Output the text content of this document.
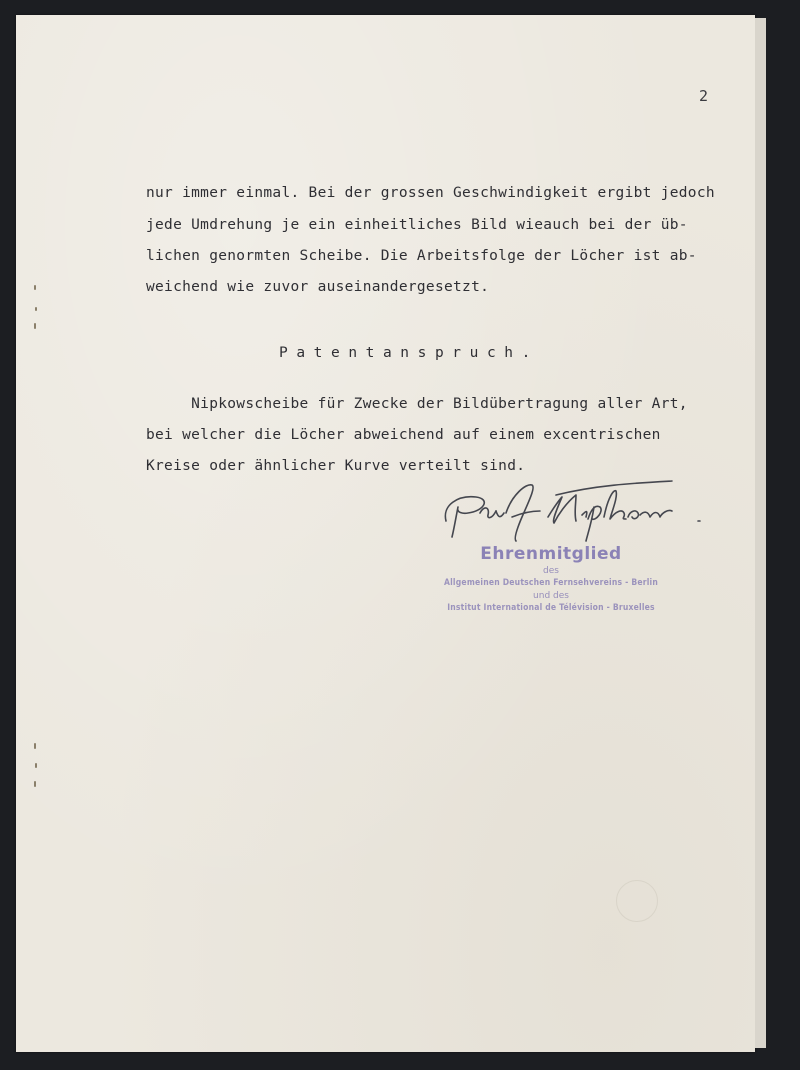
2
nur immer einmal. Bei der grossen Geschwindigkeit ergibt jedoch
jede Umdrehung je ein einheitliches Bild wieauch bei der üb-
lichen genormten Scheibe. Die Arbeitsfolge der Löcher ist ab-
weichend wie zuvor auseinandergesetzt.
Patentanspruch.
Nipkowscheibe für Zwecke der Bildübertragung aller Art,
bei welcher die Löcher abweichend auf einem excentrischen
Kreise oder ähnlicher Kurve verteilt sind.
Ehrenmitglied
des
Allgemeinen Deutschen Fernsehvereins - Berlin
und des
Institut International de Télévision - Bruxelles
